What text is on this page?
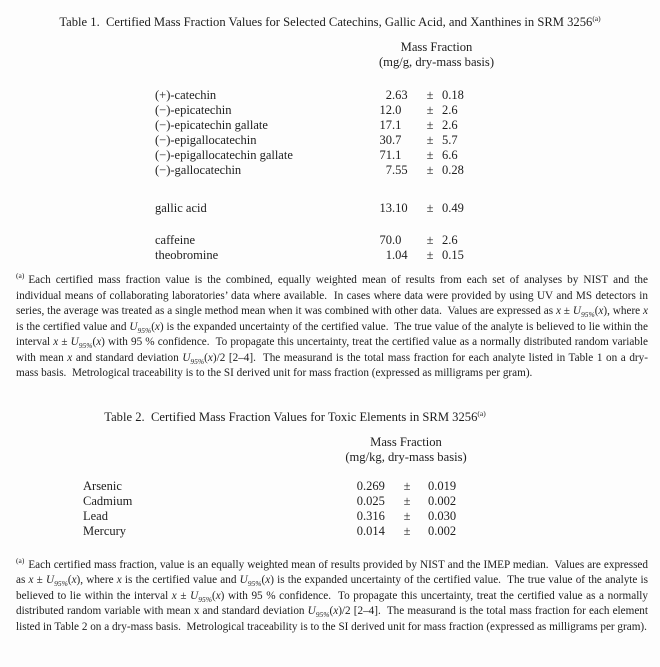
Table 1.  Certified Mass Fraction Values for Selected Catechins, Gallic Acid, and Xanthines in SRM 3256$^{(a)}$
Mass Fraction
(mg/g, dry-mass basis)
(+)-catechin	2 .63	± 0.18
(−)-epicatechin	12 .0	± 2.6
(−)-epicatechin gallate	17 .1	± 2.6
(−)-epigallocatechin	30 .7	± 5.7
(−)-epigallocatechin gallate	71 .1	± 6.6
(−)-gallocatechin	7 .55	± 0.28
gallic acid	13 .10	± 0.49
caffeine	70 .0	± 2.6
theobromine	1 .04	± 0.15

$^{(a)}$ Each certified mass fraction value is the combined, equally weighted mean of results from each set of analyses by NIST and the individual means of collaborating laboratories’ data where available.  In cases where data were provided by using UV and MS detectors in series, the average was treated as a single method mean when it was combined with other data.  Values are expressed as $x \pm U_{95\%}(x)$, where x is the certified value and $U_{95\%}(x)$ is the expanded uncertainty of the certified value.  The true value of the analyte is believed to lie within the interval $x \pm U_{95\%}(x)$ with 95 % confidence.  To propagate this uncertainty, treat the certified value as a normally distributed random variable with mean x and standard deviation $U_{95\%}(x)/2$ [2–4].  The measurand is the total mass fraction for each analyte listed in Table 1 on a dry-mass basis.  Metrological traceability is to the SI derived unit for mass fraction (expressed as milligrams per gram).

Table 2.  Certified Mass Fraction Values for Toxic Elements in SRM 3256$^{(a)}$
Mass Fraction
(mg/kg, dry-mass basis)
Arsenic	0 .269	±	0.019
Cadmium	0 .025	±	0.002
Lead	0 .316	±	0.030
Mercury	0 .014	±	0.002

$^{(a)}$ Each certified mass fraction, value is an equally weighted mean of results provided by NIST and the IMEP median.  Values are expressed as $x \pm U_{95\%}(x)$, where x is the certified value and $U_{95\%}(x)$ is the expanded uncertainty of the certified value.  The true value of the analyte is believed to lie within the interval $x \pm U_{95\%}(x)$ with 95 % confidence.  To propagate this uncertainty, treat the certified value as a normally distributed random variable with mean x and standard deviation $U_{95\%}(x)/2$ [2–4].  The measurand is the total mass fraction for each element listed in Table 2 on a dry-mass basis.  Metrological traceability is to the SI derived unit for mass fraction (expressed as milligrams per gram).
